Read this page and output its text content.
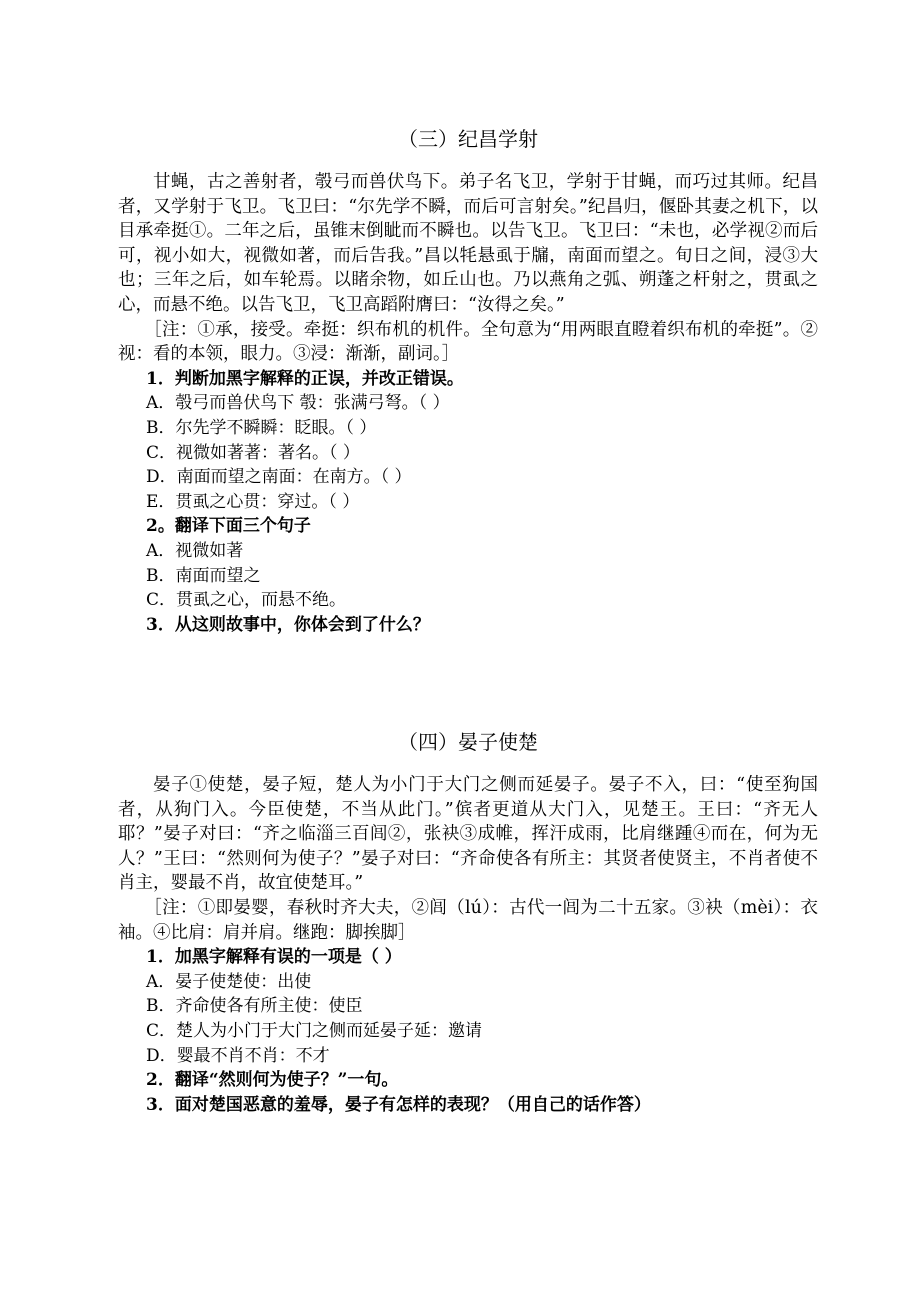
（三）纪昌学射

甘蝇，古之善射者，彀弓而兽伏鸟下。弟子名飞卫，学射于甘蝇，而巧过其师。纪昌者，又学射于飞卫。飞卫曰：“尔先学不瞬，而后可言射矣。”纪昌归，偃卧其妻之机下，以目承牵挺①。二年之后，虽锥末倒眦而不瞬也。以告飞卫。飞卫曰：“未也，必学视②而后可，视小如大，视微如著，而后告我。”昌以牦悬虱于牖，南面而望之。旬日之间，浸③大也；三年之后，如车轮焉。以睹余物，如丘山也。乃以燕角之弧、朔蓬之杆射之，贯虱之心，而悬不绝。以告飞卫，飞卫高蹈附膺曰：“汝得之矣。”

［注：①承，接受。牵挺：织布机的机件。全句意为“用两眼直瞪着织布机的牵挺”。②视：看的本领，眼力。③浸：渐渐，副词。］

1．判断加黑字解释的正误，并改正错误。

A．彀弓而兽伏鸟下 彀：张满弓弩。（ ）

B．尔先学不瞬瞬：眨眼。（ ）

C．视微如著著：著名。（ ）

D．南面而望之南面：在南方。（ ）

E．贯虱之心贯：穿过。（ ）

2。翻译下面三个句子

A．视微如著

B．南面而望之

C．贯虱之心，而悬不绝。

3．从这则故事中，你体会到了什么？

（四）晏子使楚

晏子①使楚，晏子短，楚人为小门于大门之侧而延晏子。晏子不入，曰：“使至狗国者，从狗门入。今臣使楚，不当从此门。”傧者更道从大门入，见楚王。王曰：“齐无人耶？”晏子对曰：“齐之临淄三百闾②，张袂③成帷，挥汗成雨，比肩继踵④而在，何为无人？”王曰：“然则何为使子？”晏子对曰：“齐命使各有所主：其贤者使贤主，不肖者使不肖主，婴最不肖，故宜使楚耳。”

［注：①即晏婴，春秋时齐大夫，②闾（lú）：古代一闾为二十五家。③袂（mèi）：衣袖。④比肩：肩并肩。继跑：脚挨脚］

1．加黑字解释有误的一项是（ ）

A．晏子使楚使：出使

B．齐命使各有所主使：使臣

C．楚人为小门于大门之侧而延晏子延：邀请

D．婴最不肖不肖：不才

2．翻译“然则何为使子？”一句。

3．面对楚国恶意的羞辱，晏子有怎样的表现？（用自己的话作答）
